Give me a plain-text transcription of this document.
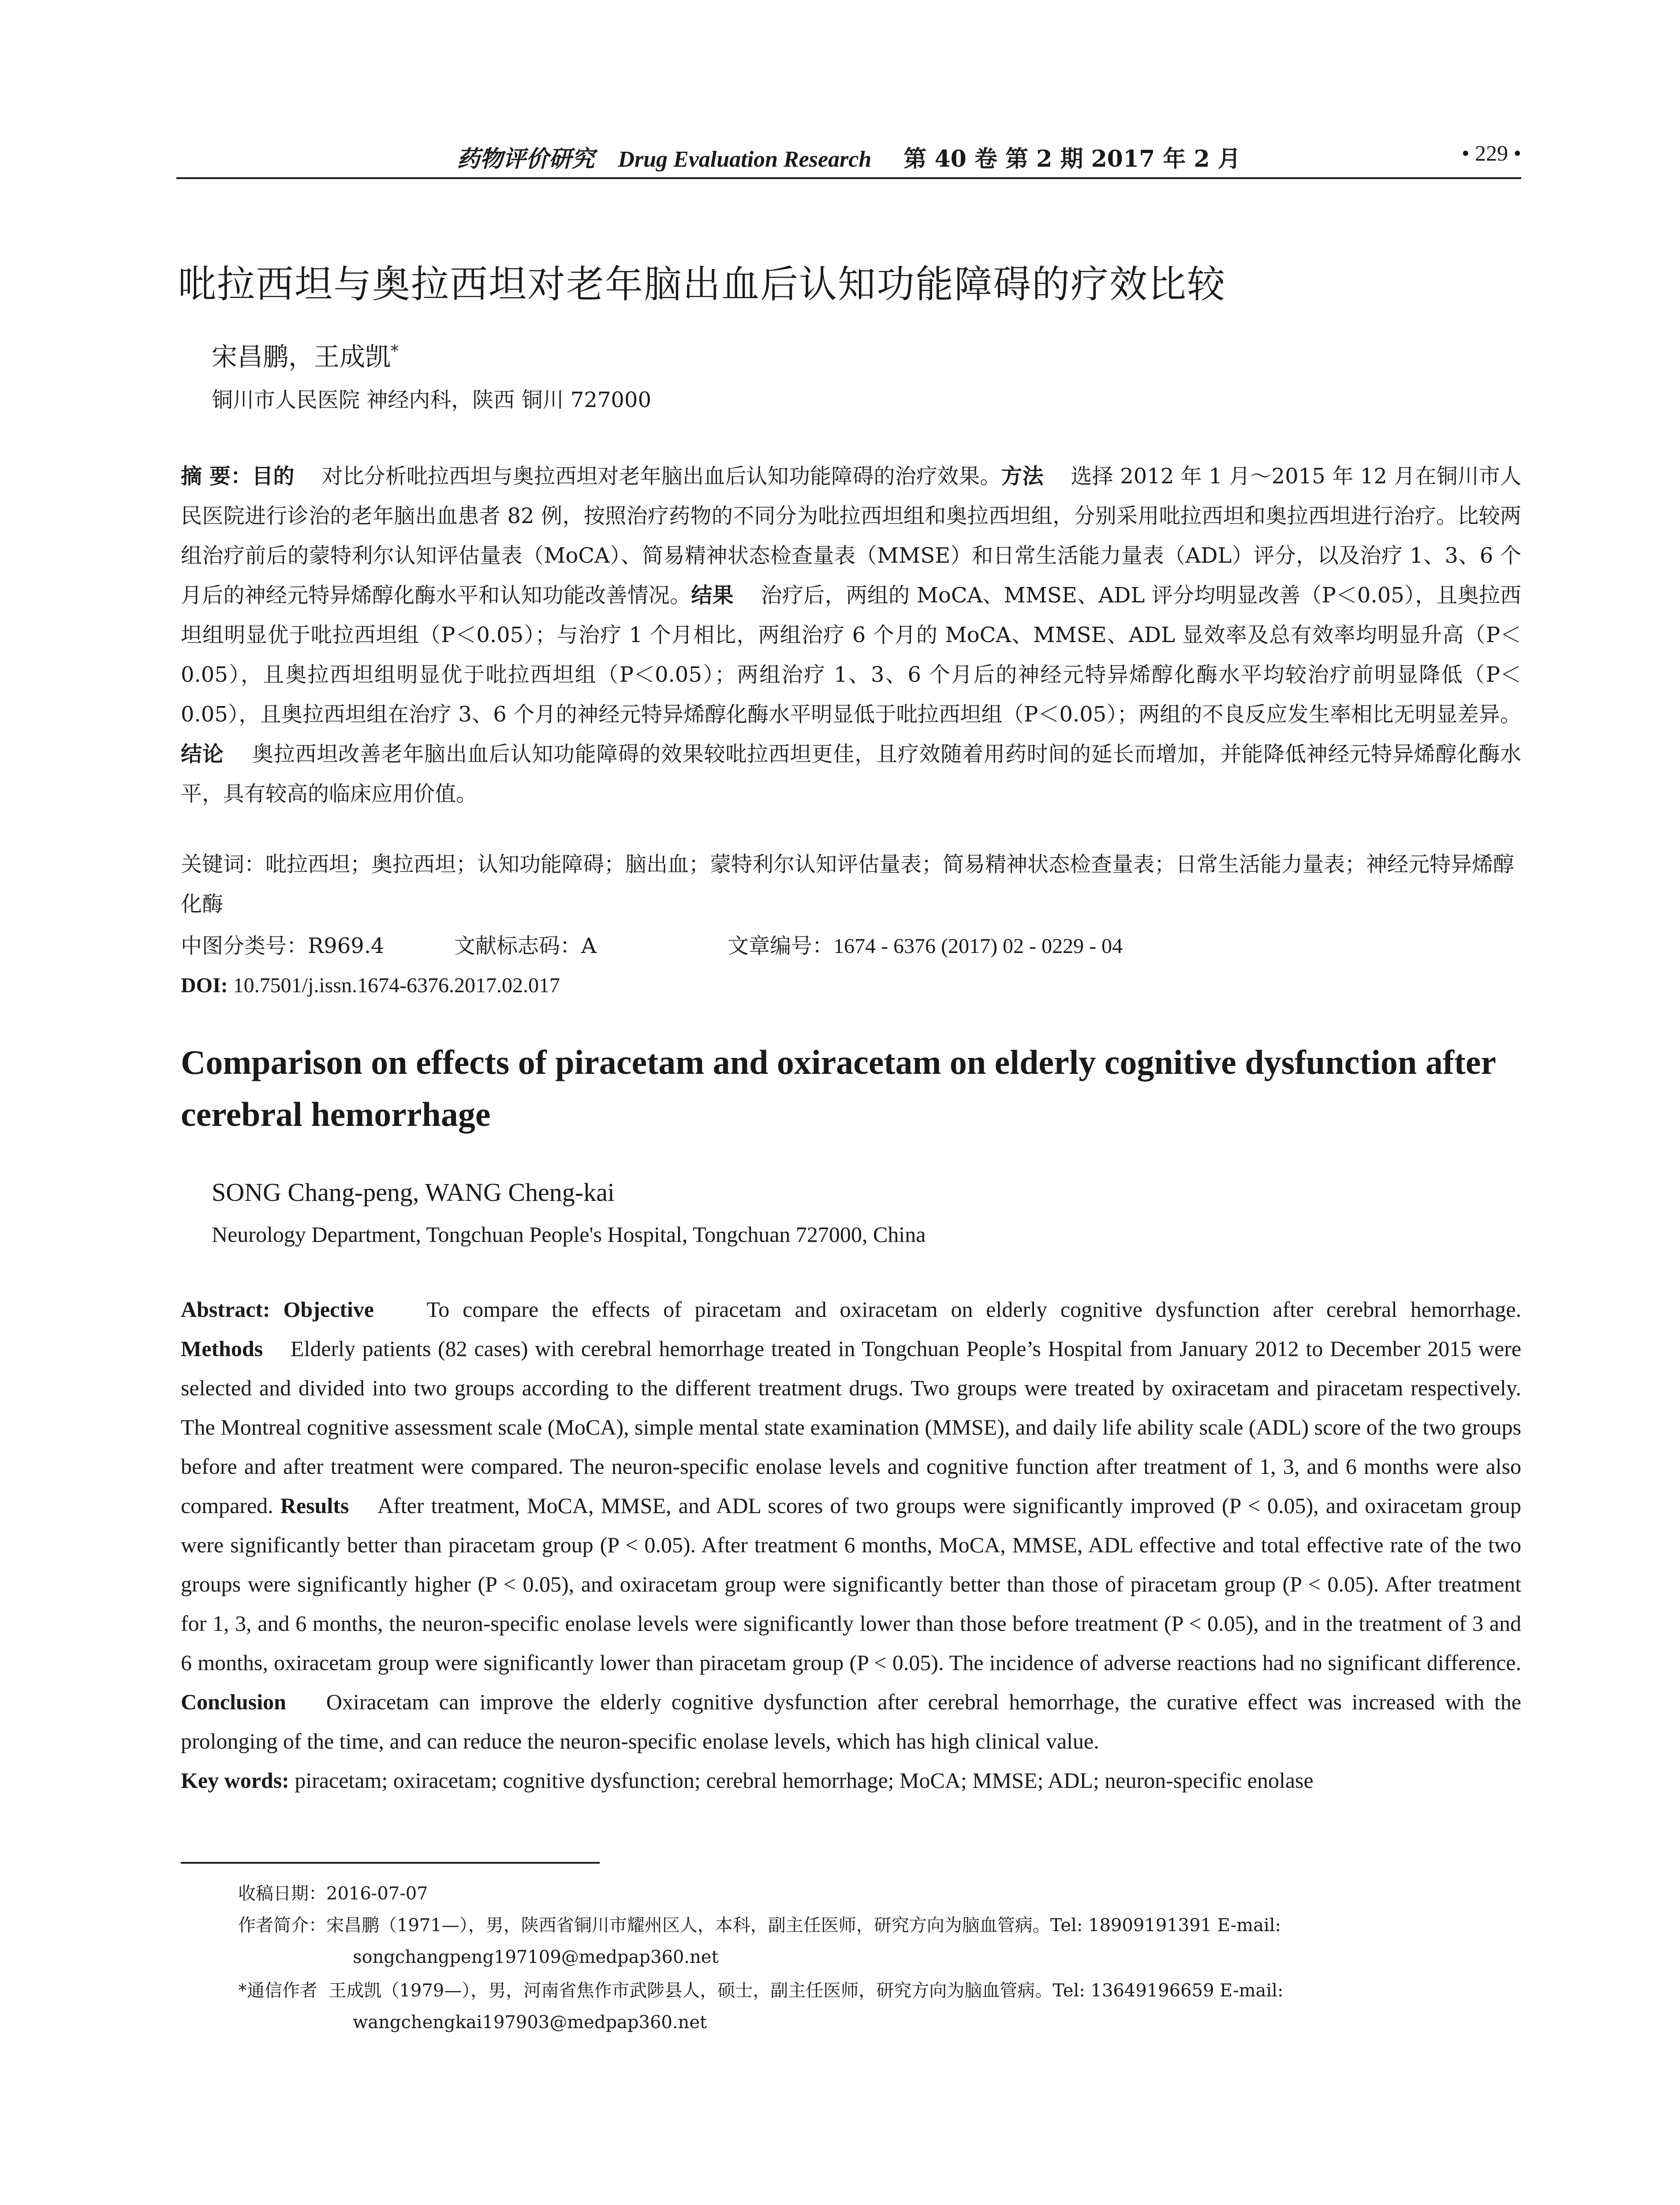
药物评价研究 Drug Evaluation Research 第 40 卷 第 2 期 2017 年 2 月	• 229 •
吡拉西坦与奥拉西坦对老年脑出血后认知功能障碍的疗效比较
宋昌鹏，王成凯*
铜川市人民医院 神经内科，陕西 铜川 727000
摘 要：目的 对比分析吡拉西坦与奥拉西坦对老年脑出血后认知功能障碍的治疗效果。方法 选择 2012 年 1 月～2015 年 12 月在铜川市人民医院进行诊治的老年脑出血患者 82 例，按照治疗药物的不同分为吡拉西坦组和奥拉西坦组，分别采用吡拉西坦和奥拉西坦进行治疗。比较两组治疗前后的蒙特利尔认知评估量表（MoCA）、简易精神状态检查量表（MMSE）和日常生活能力量表（ADL）评分，以及治疗 1、3、6 个月后的神经元特异烯醇化酶水平和认知功能改善情况。结果 治疗后，两组的 MoCA、MMSE、ADL 评分均明显改善（P＜0.05），且奥拉西坦组明显优于吡拉西坦组（P＜0.05）；与治疗 1 个月相比，两组治疗 6 个月的 MoCA、MMSE、ADL 显效率及总有效率均明显升高（P＜0.05），且奥拉西坦组明显优于吡拉西坦组（P＜0.05）；两组治疗 1、3、6 个月后的神经元特异烯醇化酶水平均较治疗前明显降低（P＜0.05），且奥拉西坦组在治疗 3、6 个月的神经元特异烯醇化酶水平明显低于吡拉西坦组（P＜0.05）；两组的不良反应发生率相比无明显差异。结论 奥拉西坦改善老年脑出血后认知功能障碍的效果较吡拉西坦更佳，且疗效随着用药时间的延长而增加，并能降低神经元特异烯醇化酶水平，具有较高的临床应用价值。
关键词：吡拉西坦；奥拉西坦；认知功能障碍；脑出血；蒙特利尔认知评估量表；简易精神状态检查量表；日常生活能力量表；神经元特异烯醇化酶
中图分类号：R969.4	文献标志码：A	文章编号：1674 - 6376 (2017) 02 - 0229 - 04
DOI: 10.7501/j.issn.1674-6376.2017.02.017
Comparison on effects of piracetam and oxiracetam on elderly cognitive dysfunction after cerebral hemorrhage
SONG Chang-peng, WANG Cheng-kai
Neurology Department, Tongchuan People's Hospital, Tongchuan 727000, China
Abstract: Objective To compare the effects of piracetam and oxiracetam on elderly cognitive dysfunction after cerebral hemorrhage. Methods Elderly patients (82 cases) with cerebral hemorrhage treated in Tongchuan People’s Hospital from January 2012 to December 2015 were selected and divided into two groups according to the different treatment drugs. Two groups were treated by oxiracetam and piracetam respectively. The Montreal cognitive assessment scale (MoCA), simple mental state examination (MMSE), and daily life ability scale (ADL) score of the two groups before and after treatment were compared. The neuron-specific enolase levels and cognitive function after treatment of 1, 3, and 6 months were also compared. Results After treatment, MoCA, MMSE, and ADL scores of two groups were significantly improved (P < 0.05), and oxiracetam group were significantly better than piracetam group (P < 0.05). After treatment 6 months, MoCA, MMSE, ADL effective and total effective rate of the two groups were significantly higher (P < 0.05), and oxiracetam group were significantly better than those of piracetam group (P < 0.05). After treatment for 1, 3, and 6 months, the neuron-specific enolase levels were significantly lower than those before treatment (P < 0.05), and in the treatment of 3 and 6 months, oxiracetam group were significantly lower than piracetam group (P < 0.05). The incidence of adverse reactions had no significant difference. Conclusion Oxiracetam can improve the elderly cognitive dysfunction after cerebral hemorrhage, the curative effect was increased with the prolonging of the time, and can reduce the neuron-specific enolase levels, which has high clinical value.
Key words: piracetam; oxiracetam; cognitive dysfunction; cerebral hemorrhage; MoCA; MMSE; ADL; neuron-specific enolase
收稿日期：2016-07-07
作者简介：宋昌鹏（1971—），男，陕西省铜川市耀州区人，本科，副主任医师，研究方向为脑血管病。Tel: 18909191391 E-mail:
songchangpeng197109@medpap360.net
*通信作者 王成凯（1979—），男，河南省焦作市武陟县人，硕士，副主任医师，研究方向为脑血管病。Tel: 13649196659 E-mail:
wangchengkai197903@medpap360.net
